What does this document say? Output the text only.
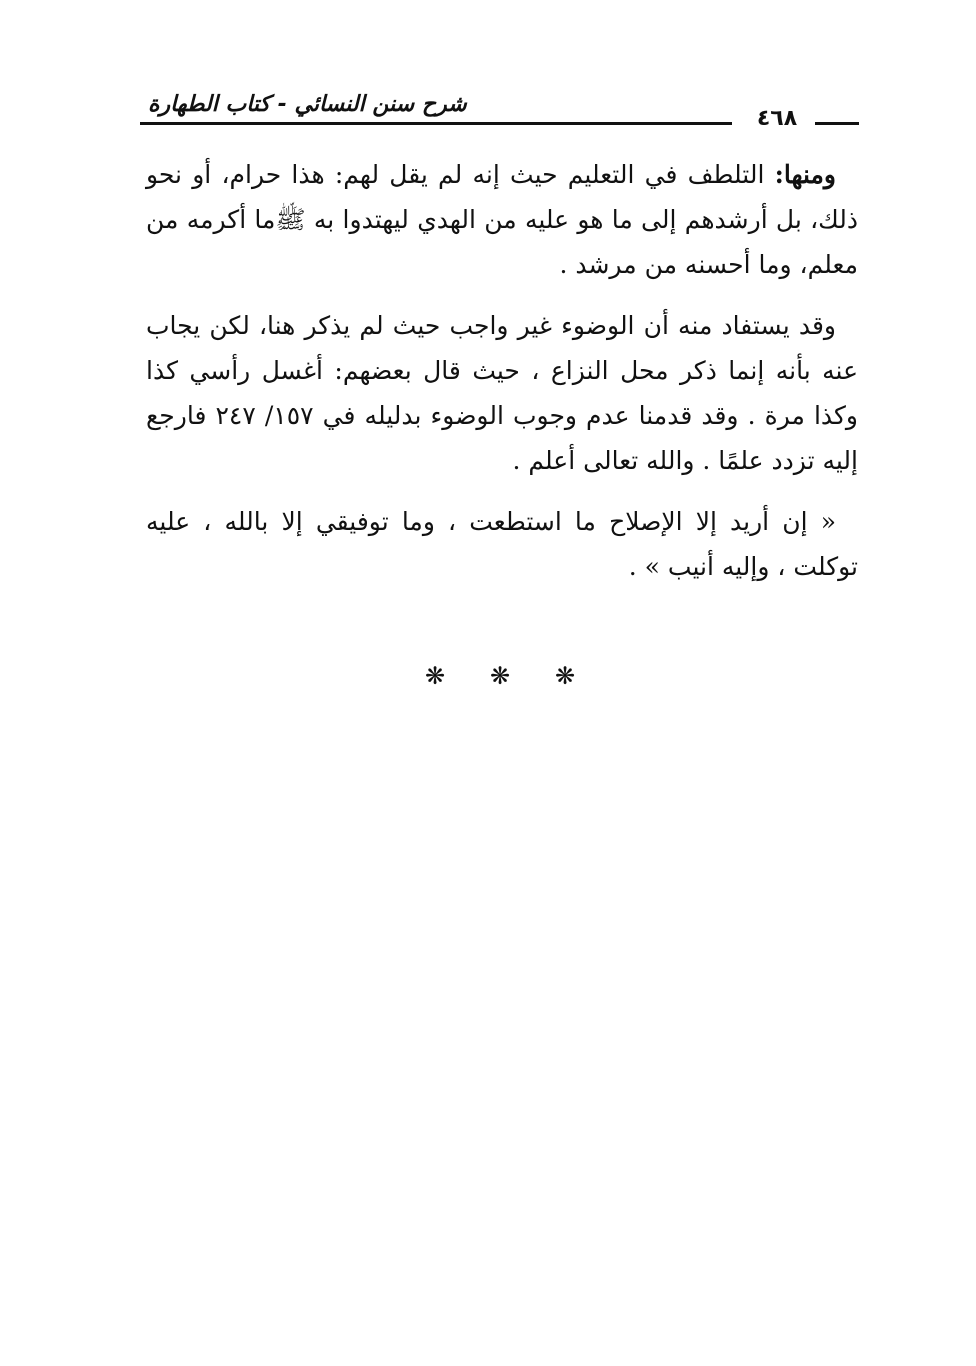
شرح سنن النسائي - كتاب الطهارة
٤٦٨

ومنها: التلطف في التعليم حيث إنه لم يقل لهم: هذا حرام، أو نحو ذلك، بل أرشدهم إلى ما هو عليه من الهدي ليهتدوا به ﷺما أكرمه من معلم، وما أحسنه من مرشد .

وقد يستفاد منه أن الوضوء غير واجب حيث لم يذكر هنا، لكن يجاب عنه بأنه إنما ذكر محل النزاع ، حيث قال بعضهم: أغسل رأسي كذا وكذا مرة . وقد قدمنا عدم وجوب الوضوء بدليله في ١٥٧/ ٢٤٧ فارجع إليه تزدد علمًا . والله تعالى أعلم .

« إن أريد إلا الإصلاح ما استطعت ، وما توفيقي إلا بالله ، عليه توكلت ، وإليه أنيب » .

❋ ❋ ❋
